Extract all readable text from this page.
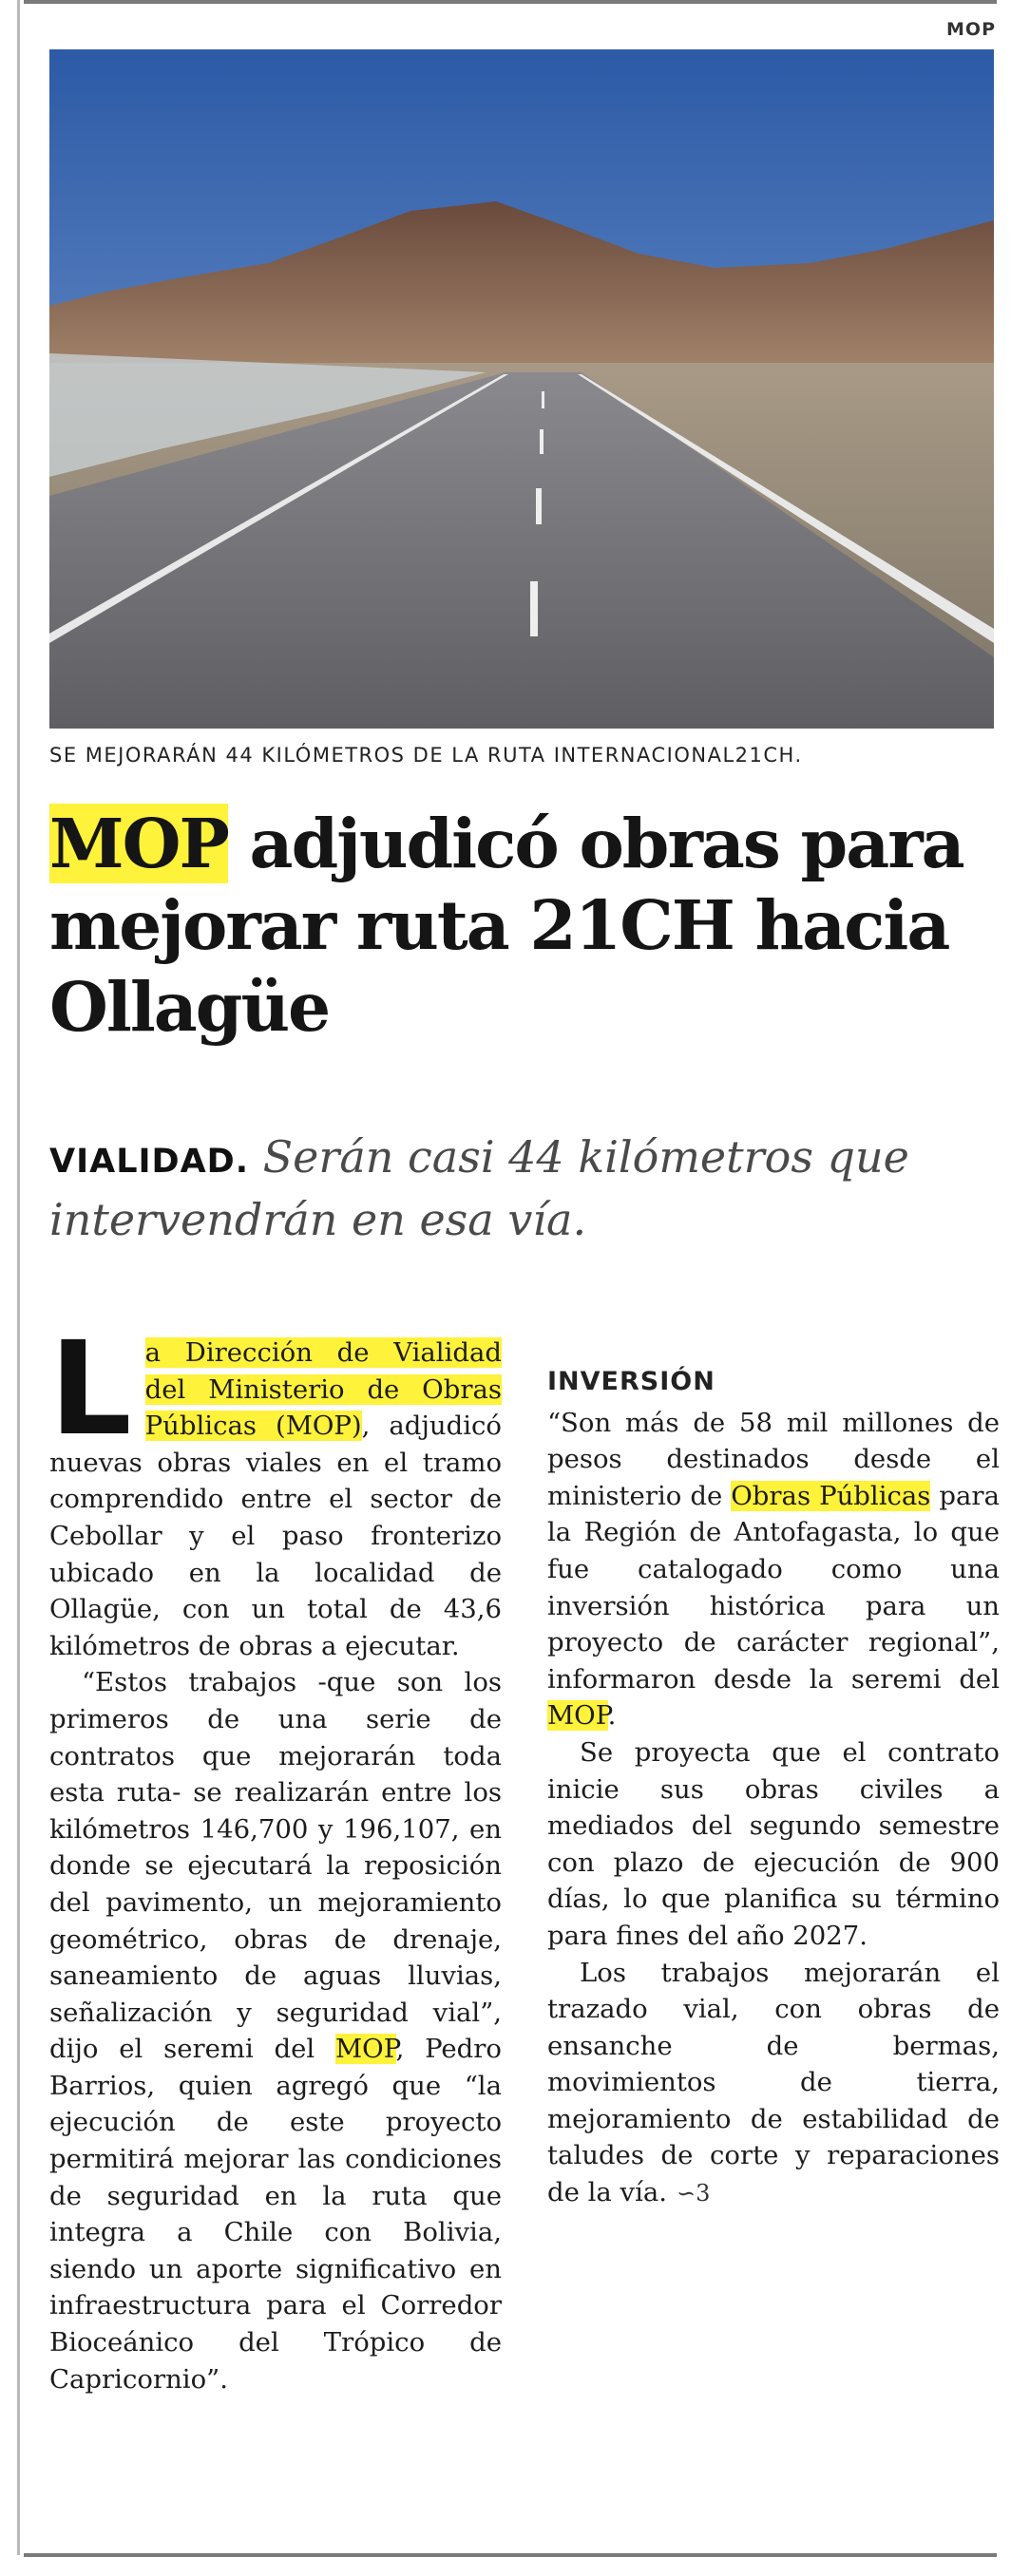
MOP
SE MEJORARÁN 44 KILÓMETROS DE LA RUTA INTERNACIONAL21CH.
MOP adjudicó obras para mejorar ruta 21CH hacia Ollagüe
VIALIDAD. Serán casi 44 kilómetros que intervendrán en esa vía.

La Dirección de Vialidad del Ministerio de Obras Públicas (MOP), adjudicó nuevas obras viales en el tramo comprendido entre el sector de Cebollar y el paso fronterizo ubicado en la localidad de Ollagüe, con un total de 43,6 kilómetros de obras a ejecutar.

“Estos trabajos -que son los primeros de una serie de contratos que mejorarán toda esta ruta- se realizarán entre los kilómetros 146,700 y 196,107, en donde se ejecutará la reposición del pavimento, un mejoramiento geométrico, obras de drenaje, saneamiento de aguas lluvias, señalización y seguridad vial”, dijo el seremi del MOP, Pedro Barrios, quien agregó que “la ejecución de este proyecto permitirá mejorar las condiciones de seguridad en la ruta que integra a Chile con Bolivia, siendo un aporte significativo en infraestructura para el Corredor Bioceánico del Trópico de Capricornio”.

INVERSIÓN

“Son más de 58 mil millones de pesos destinados desde el ministerio de Obras Públicas para la Región de Antofagasta, lo que fue catalogado como una inversión histórica para un proyecto de carácter regional”, informaron desde la seremi del MOP.

Se proyecta que el contrato inicie sus obras civiles a mediados del segundo semestre con plazo de ejecución de 900 días, lo que planifica su término para fines del año 2027.

Los trabajos mejorarán el trazado vial, con obras de ensanche de bermas, movimientos de tierra, mejoramiento de estabilidad de taludes de corte y reparaciones de la vía. ∽3
